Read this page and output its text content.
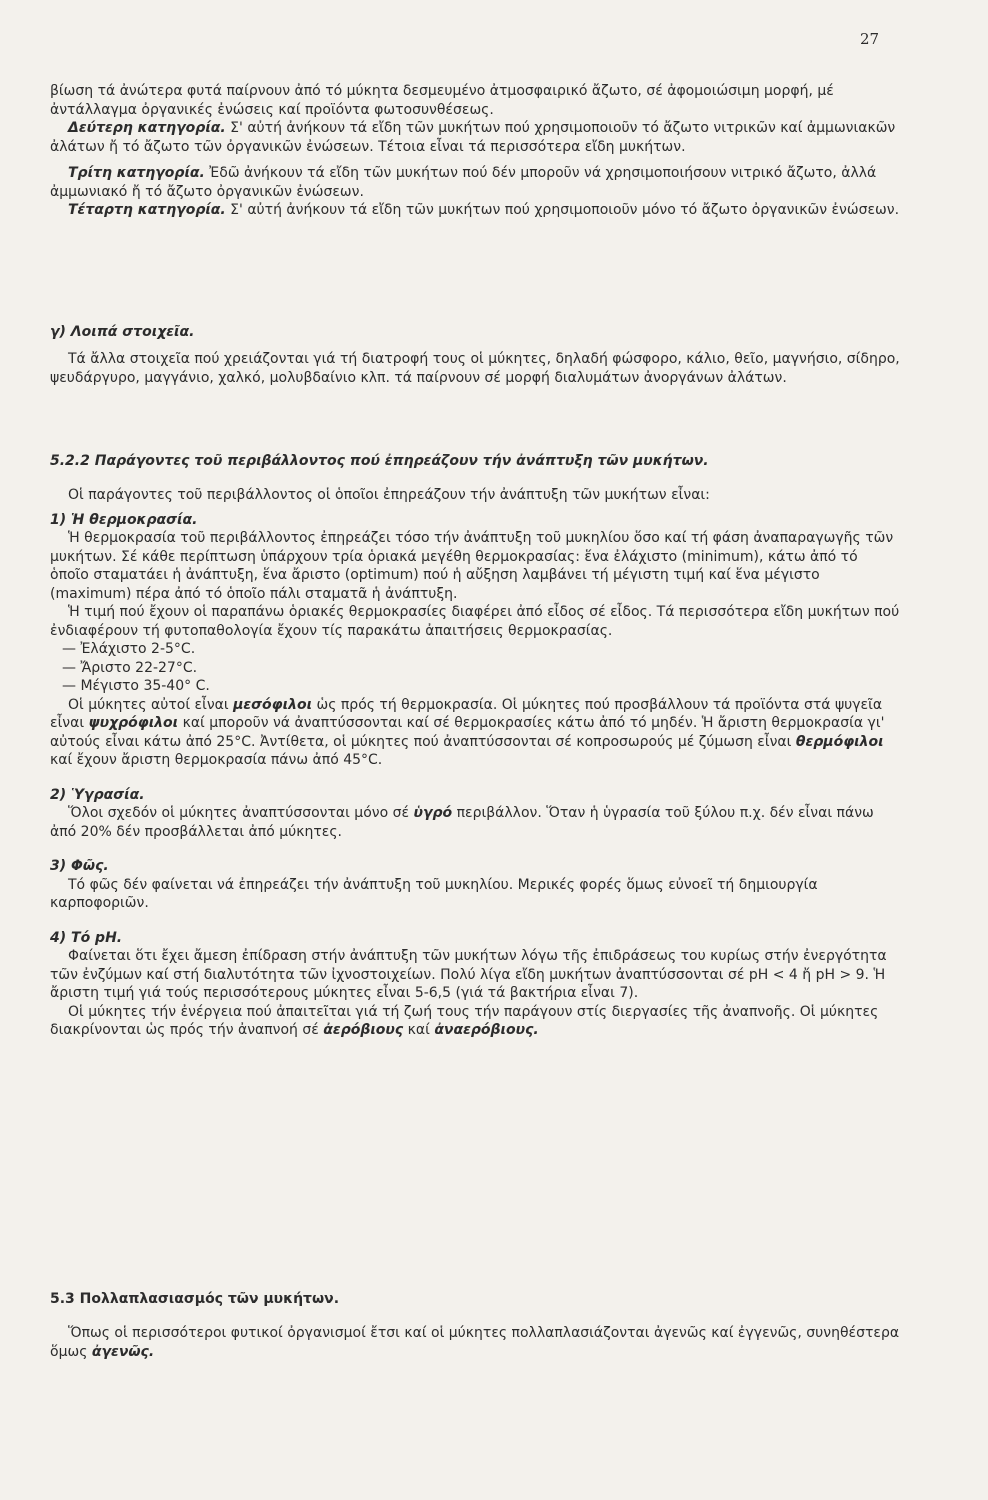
27

βίωση τά ἀνώτερα φυτά παίρνουν ἀπό τό μύκητα δεσμευμένο ἀτμοσφαιρικό ἄζωτο, σέ ἀφομοιώσιμη μορφή, μέ ἀντάλλαγμα ὀργανικές ἐνώσεις καί προϊόντα φωτοσυνθέσεως.

Δεύτερη κατηγορία. Σ' αὐτή ἀνήκουν τά εἴδη τῶν μυκήτων πού χρησιμοποιοῦν τό ἄζωτο νιτρικῶν καί ἀμμωνιακῶν ἀλάτων ἤ τό ἄζωτο τῶν ὀργανικῶν ἐνώσεων. Τέτοια εἶναι τά περισσότερα εἴδη μυκήτων.

Τρίτη κατηγορία. Ἐδῶ ἀνήκουν τά εἴδη τῶν μυκήτων πού δέν μποροῦν νά χρησιμοποιήσουν νιτρικό ἄζωτο, ἀλλά ἀμμωνιακό ἤ τό ἄζωτο ὀργανικῶν ἐνώσεων.

Τέταρτη κατηγορία. Σ' αὐτή ἀνήκουν τά εἴδη τῶν μυκήτων πού χρησιμοποιοῦν μόνο τό ἄζωτο ὀργανικῶν ἐνώσεων.

γ) Λοιπά στοιχεῖα.

Τά ἄλλα στοιχεῖα πού χρειάζονται γιά τή διατροφή τους οἱ μύκητες, δηλαδή φώσφορο, κάλιο, θεῖο, μαγνήσιο, σίδηρο, ψευδάργυρο, μαγγάνιο, χαλκό, μολυβδαίνιο κλπ. τά παίρνουν σέ μορφή διαλυμάτων ἀνοργάνων ἀλάτων.

5.2.2 Παράγοντες τοῦ περιβάλλοντος πού ἐπηρεάζουν τήν ἀνάπτυξη τῶν μυκήτων.

Οἱ παράγοντες τοῦ περιβάλλοντος οἱ ὁποῖοι ἐπηρεάζουν τήν ἀνάπτυξη τῶν μυκήτων εἶναι:

1) Ἡ θερμοκρασία.

Ἡ θερμοκρασία τοῦ περιβάλλοντος ἐπηρεάζει τόσο τήν ἀνάπτυξη τοῦ μυκηλίου ὅσο καί τή φάση ἀναπαραγωγῆς τῶν μυκήτων. Σέ κάθε περίπτωση ὑπάρχουν τρία ὁριακά μεγέθη θερμοκρασίας: ἕνα ἐλάχιστο (minimum), κάτω ἀπό τό ὁποῖο σταματάει ἡ ἀνάπτυξη, ἕνα ἄριστο (optimum) πού ἡ αὔξηση λαμβάνει τή μέγιστη τιμή καί ἕνα μέγιστο (maximum) πέρα ἀπό τό ὁποῖο πάλι σταματᾶ ἡ ἀνάπτυξη.

Ἡ τιμή πού ἔχουν οἱ παραπάνω ὁριακές θερμοκρασίες διαφέρει ἀπό εἶδος σέ εἶδος. Τά περισσότερα εἴδη μυκήτων πού ἐνδιαφέρουν τή φυτοπαθολογία ἔχουν τίς παρακάτω ἀπαιτήσεις θερμοκρασίας.

— Ἐλάχιστο 2-5°C.
— Ἄριστο 22-27°C.
— Μέγιστο 35-40° C.

Οἱ μύκητες αὐτοί εἶναι μεσόφιλοι ὡς πρός τή θερμοκρασία. Οἱ μύκητες πού προσβάλλουν τά προϊόντα στά ψυγεῖα εἶναι ψυχρόφιλοι καί μποροῦν νά ἀναπτύσσονται καί σέ θερμοκρασίες κάτω ἀπό τό μηδέν. Ἡ ἄριστη θερμοκρασία γι' αὐτούς εἶναι κάτω ἀπό 25°C. Ἀντίθετα, οἱ μύκητες πού ἀναπτύσσονται σέ κοπροσωρούς μέ ζύμωση εἶναι θερμόφιλοι καί ἔχουν ἄριστη θερμοκρασία πάνω ἀπό 45°C.

2) Ὑγρασία.

Ὅλοι σχεδόν οἱ μύκητες ἀναπτύσσονται μόνο σέ ὑγρό περιβάλλον. Ὅταν ἡ ὑγρασία τοῦ ξύλου π.χ. δέν εἶναι πάνω ἀπό 20% δέν προσβάλλεται ἀπό μύκητες.

3) Φῶς.

Τό φῶς δέν φαίνεται νά ἐπηρεάζει τήν ἀνάπτυξη τοῦ μυκηλίου. Μερικές φορές ὅμως εὐνοεῖ τή δημιουργία καρποφοριῶν.

4) Τό pH.

Φαίνεται ὅτι ἔχει ἄμεση ἐπίδραση στήν ἀνάπτυξη τῶν μυκήτων λόγω τῆς ἐπιδράσεως του κυρίως στήν ἐνεργότητα τῶν ἐνζύμων καί στή διαλυτότητα τῶν ἰχνοστοιχείων. Πολύ λίγα εἴδη μυκήτων ἀναπτύσσονται σέ pH < 4 ἤ pH > 9. Ἡ ἄριστη τιμή γιά τούς περισσότερους μύκητες εἶναι 5-6,5 (γιά τά βακτήρια εἶναι 7).

Οἱ μύκητες τήν ἐνέργεια πού ἀπαιτεῖται γιά τή ζωή τους τήν παράγουν στίς διεργασίες τῆς ἀναπνοῆς. Οἱ μύκητες διακρίνονται ὡς πρός τήν ἀναπνοή σέ ἀερόβιους καί ἀναερόβιους.

5.3 Πολλαπλασιασμός τῶν μυκήτων.

Ὅπως οἱ περισσότεροι φυτικοί ὀργανισμοί ἔτσι καί οἱ μύκητες πολλαπλασιάζονται ἀγενῶς καί ἐγγενῶς, συνηθέστερα ὅμως ἀγενῶς.
